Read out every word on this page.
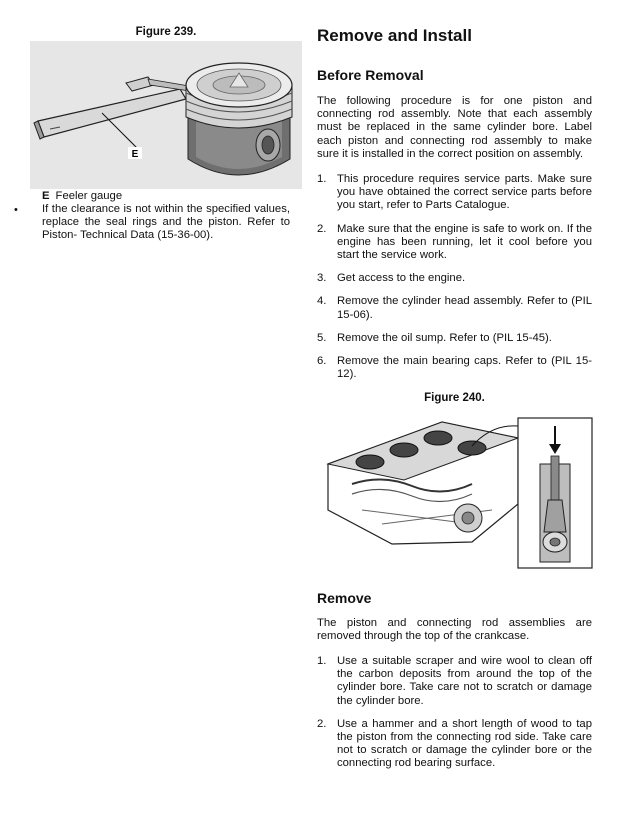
Figure 239.
E
E Feeler gauge
• If the clearance is not within the specified values, replace the seal rings and the piston. Refer to Piston- Technical Data (15-36-00).
Remove and Install
Before Removal

The following procedure is for one piston and connecting rod assembly. Note that each assembly must be replaced in the same cylinder bore. Label each piston and connecting rod assembly to make sure it is installed in the correct position on assembly.

1. This procedure requires service parts. Make sure you have obtained the correct service parts before you start, refer to Parts Catalogue.
2. Make sure that the engine is safe to work on. If the engine has been running, let it cool before you start the service work.
3. Get access to the engine.
4. Remove the cylinder head assembly. Refer to (PIL 15-06).
5. Remove the oil sump. Refer to (PIL 15-45).
6. Remove the main bearing caps. Refer to (PIL 15-12).
Figure 240.
Remove

The piston and connecting rod assemblies are removed through the top of the crankcase.

1. Use a suitable scraper and wire wool to clean off the carbon deposits from around the top of the cylinder bore. Take care not to scratch or damage the cylinder bore.
2. Use a hammer and a short length of wood to tap the piston from the connecting rod side. Take care not to scratch or damage the cylinder bore or the connecting rod bearing surface.
